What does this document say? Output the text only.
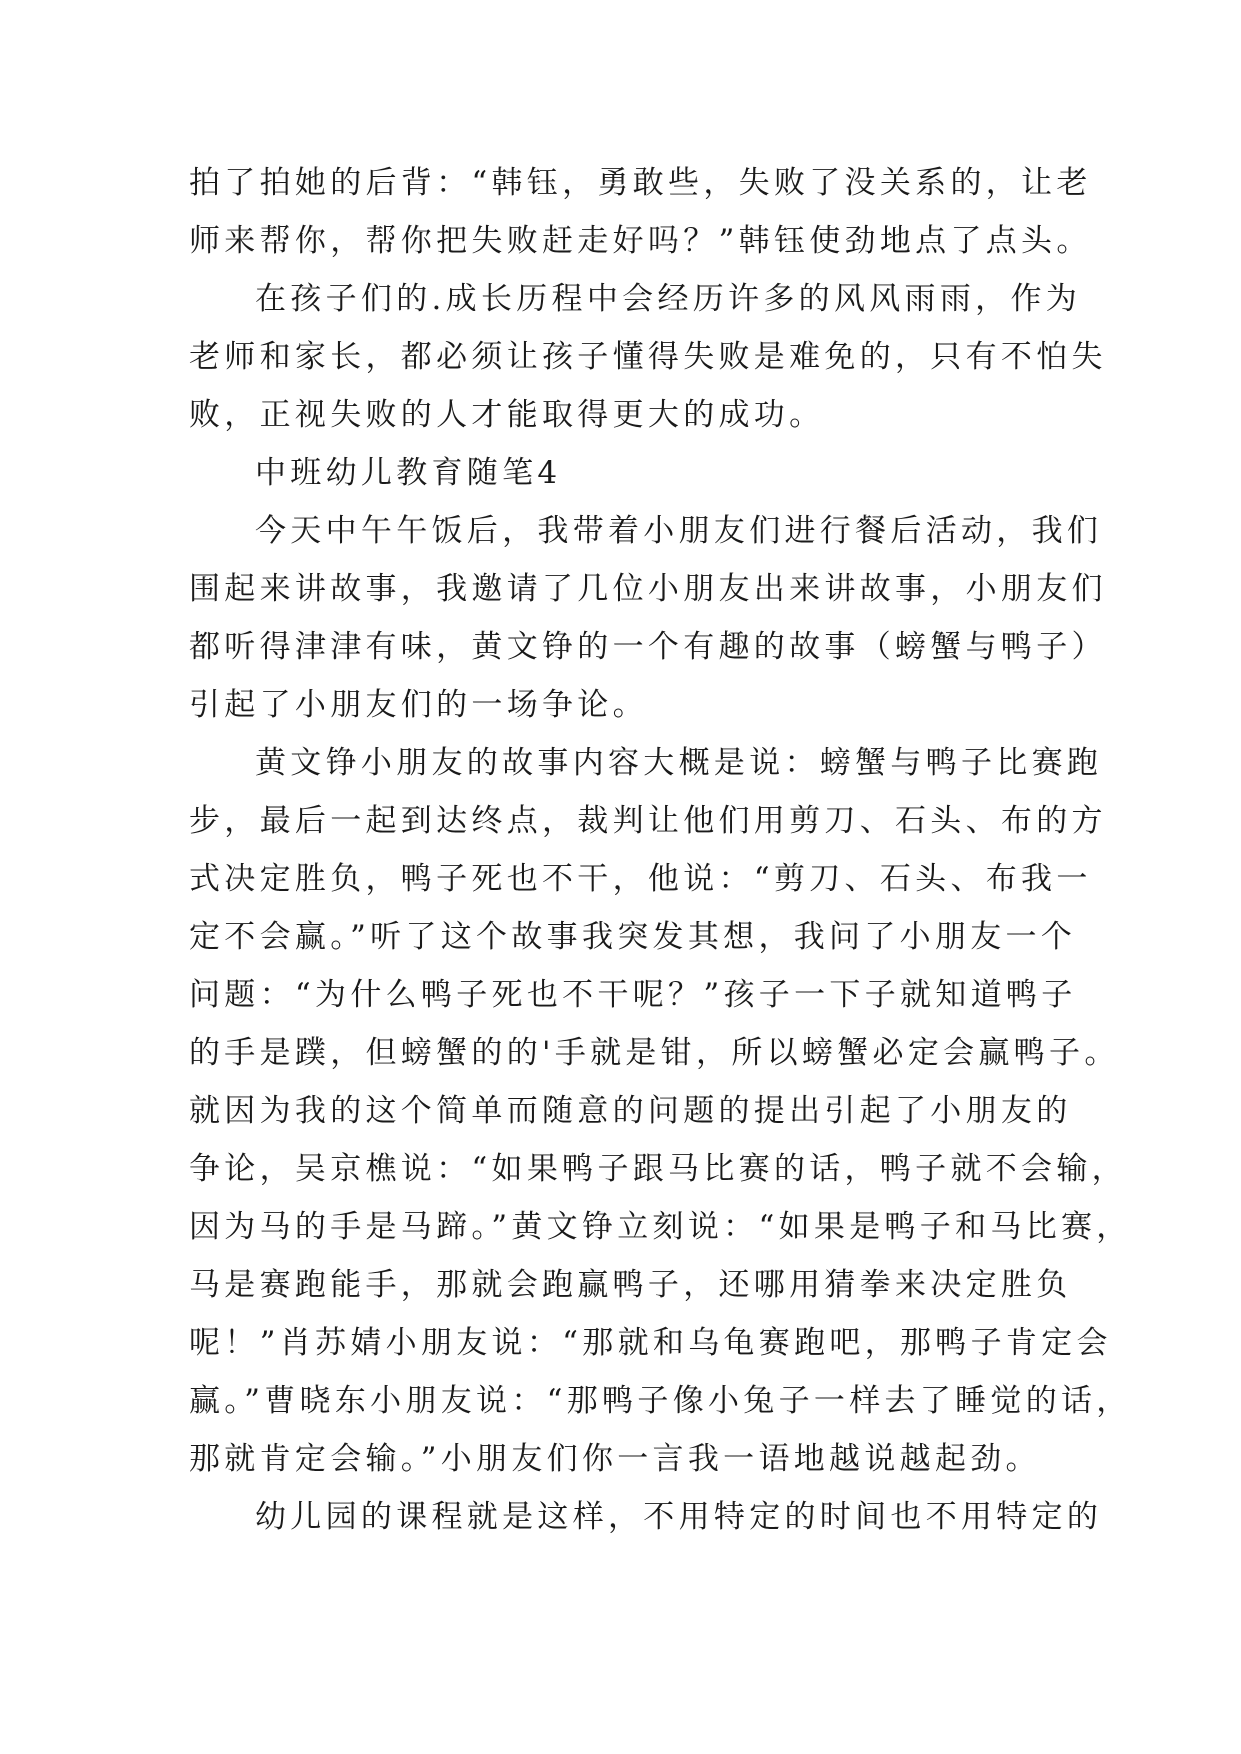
拍了拍她的后背：“韩钰，勇敢些，失败了没关系的，让老
师来帮你，帮你把失败赶走好吗？”韩钰使劲地点了点头。
在孩子们的.成长历程中会经历许多的风风雨雨，作为
老师和家长，都必须让孩子懂得失败是难免的，只有不怕失
败，正视失败的人才能取得更大的成功。
中班幼儿教育随笔4
今天中午午饭后，我带着小朋友们进行餐后活动，我们
围起来讲故事，我邀请了几位小朋友出来讲故事，小朋友们
都听得津津有味，黄文铮的一个有趣的故事（螃蟹与鸭子）
引起了小朋友们的一场争论。
黄文铮小朋友的故事内容大概是说：螃蟹与鸭子比赛跑
步，最后一起到达终点，裁判让他们用剪刀、石头、布的方
式决定胜负，鸭子死也不干，他说：“剪刀、石头、布我一
定不会赢。”听了这个故事我突发其想，我问了小朋友一个
问题：“为什么鸭子死也不干呢？”孩子一下子就知道鸭子
的手是蹼，但螃蟹的的'手就是钳，所以螃蟹必定会赢鸭子。
就因为我的这个简单而随意的问题的提出引起了小朋友的
争论，吴京樵说：“如果鸭子跟马比赛的话，鸭子就不会输，
因为马的手是马蹄。”黄文铮立刻说：“如果是鸭子和马比赛，
马是赛跑能手，那就会跑赢鸭子，还哪用猜拳来决定胜负
呢！”肖苏婧小朋友说：“那就和乌龟赛跑吧，那鸭子肯定会
赢。”曹晓东小朋友说：“那鸭子像小兔子一样去了睡觉的话，
那就肯定会输。”小朋友们你一言我一语地越说越起劲。
幼儿园的课程就是这样，不用特定的时间也不用特定的
